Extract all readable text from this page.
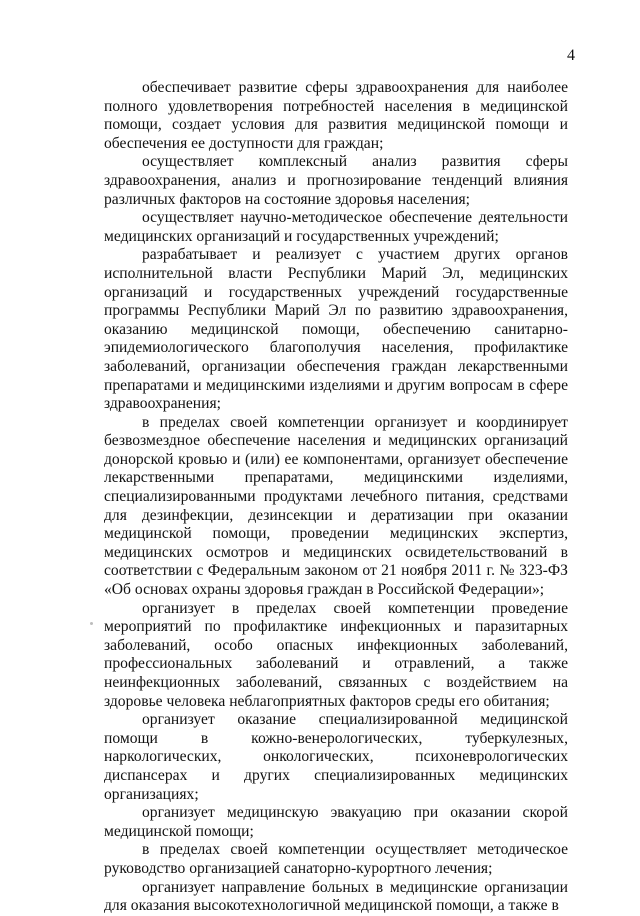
4

обеспечивает развитие сферы здравоохранения для наиболее полного удовлетворения потребностей населения в медицинской помощи, создает условия для развития медицинской помощи и обеспечения ее доступности для граждан;

осуществляет комплексный анализ развития сферы здравоохранения, анализ и прогнозирование тенденций влияния различных факторов на состояние здоровья населения;

осуществляет научно-методическое обеспечение деятельности медицинских организаций и государственных учреждений;

разрабатывает и реализует с участием других органов исполнительной власти Республики Марий Эл, медицинских организаций и государственных учреждений государственные программы Республики Марий Эл по развитию здравоохранения, оказанию медицинской помощи, обеспечению санитарно-эпидемиологического благополучия населения, профилактике заболеваний, организации обеспечения граждан лекарственными препаратами и медицинскими изделиями и другим вопросам в сфере здравоохранения;

в пределах своей компетенции организует и координирует безвозмездное обеспечение населения и медицинских организаций донорской кровью и (или) ее компонентами, организует обеспечение лекарственными препаратами, медицинскими изделиями, специализированными продуктами лечебного питания, средствами для дезинфекции, дезинсекции и дератизации при оказании медицинской помощи, проведении медицинских экспертиз, медицинских осмотров и медицинских освидетельствований в соответствии с Федеральным законом от 21 ноября 2011 г. № 323-ФЗ «Об основах охраны здоровья граждан в Российской Федерации»;

организует в пределах своей компетенции проведение мероприятий по профилактике инфекционных и паразитарных заболеваний, особо опасных инфекционных заболеваний, профессиональных заболеваний и отравлений, а также неинфекционных заболеваний, связанных с воздействием на здоровье человека неблагоприятных факторов среды его обитания;

организует оказание специализированной медицинской помощи в кожно-венерологических, туберкулезных, наркологических, онкологических, психоневрологических диспансерах и других специализированных медицинских организациях;

организует медицинскую эвакуацию при оказании скорой медицинской помощи;

в пределах своей компетенции осуществляет методическое руководство организацией санаторно-курортного лечения;

организует направление больных в медицинские организации для оказания высокотехнологичной медицинской помощи, а также в
